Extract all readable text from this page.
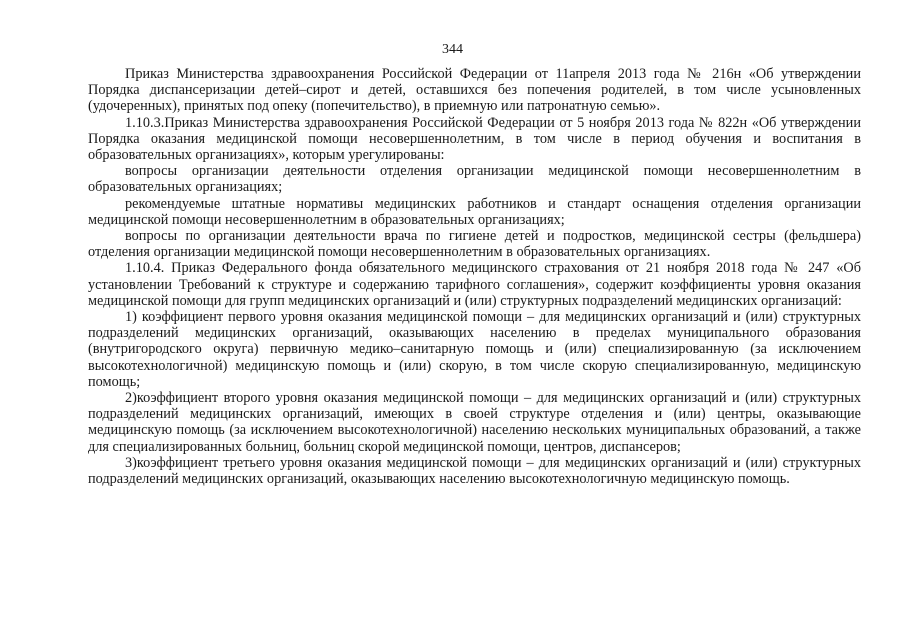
344

Приказ Министерства здравоохранения Российской Федерации от 11апреля 2013 года № 216н «Об утверждении Порядка диспансеризации детей–сирот и детей, оставшихся без попечения родителей, в том числе усыновленных (удочеренных), принятых под опеку (попечительство), в приемную или патронатную семью».

1.10.3.Приказ Министерства здравоохранения Российской Федерации от 5 ноября 2013 года № 822н «Об утверждении Порядка оказания медицинской помощи несовершеннолетним, в том числе в период обучения и воспитания в образовательных организациях», которым урегулированы:

вопросы организации деятельности отделения организации медицинской помощи несовершеннолетним в образовательных организациях;

рекомендуемые штатные нормативы медицинских работников и стандарт оснащения отделения организации медицинской помощи несовершеннолетним в образовательных организациях;

вопросы по организации деятельности врача по гигиене детей и подростков, медицинской сестры (фельдшера) отделения организации медицинской помощи несовершеннолетним в образовательных организациях.

1.10.4. Приказ Федерального фонда обязательного медицинского страхования от 21 ноября 2018 года № 247 «Об установлении Требований к структуре и содержанию тарифного соглашения», содержит коэффициенты уровня оказания медицинской помощи для групп медицинских организаций и (или) структурных подразделений медицинских организаций:

1) коэффициент первого уровня оказания медицинской помощи – для медицинских организаций и (или) структурных подразделений медицинских организаций, оказывающих населению в пределах муниципального образования (внутригородского округа) первичную медико–санитарную помощь и (или) специализированную (за исключением высокотехнологичной) медицинскую помощь и (или) скорую, в том числе скорую специализированную, медицинскую помощь;

2)коэффициент второго уровня оказания медицинской помощи – для медицинских организаций и (или) структурных подразделений медицинских организаций, имеющих в своей структуре отделения и (или) центры, оказывающие медицинскую помощь (за исключением высокотехнологичной) населению нескольких муниципальных образований, а также для специализированных больниц, больниц скорой медицинской помощи, центров, диспансеров;

3)коэффициент третьего уровня оказания медицинской помощи – для медицинских организаций и (или) структурных подразделений медицинских организаций, оказывающих населению высокотехнологичную медицинскую помощь.
